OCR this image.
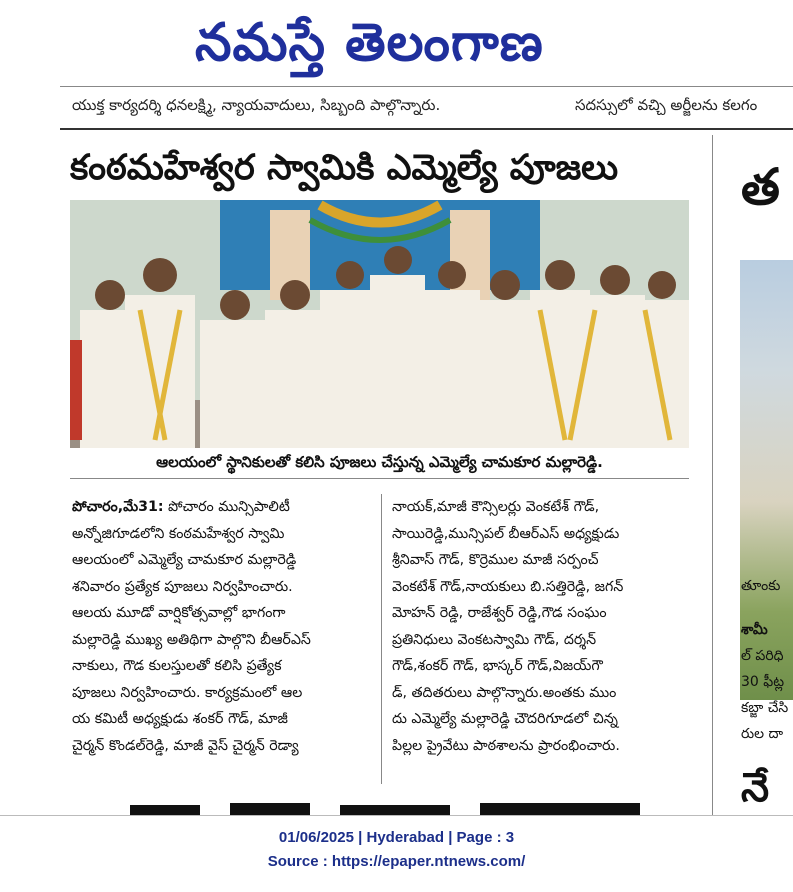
నమస్తే తెలంగాణ
యుక్త కార్యదర్శి ధనలక్ష్మి, న్యాయవాదులు, సిబ్బంది పాల్గొన్నారు.	సదస్సులో వచ్చి అర్జీలను కలగం
కంఠమహేశ్వర స్వామికి ఎమ్మెల్యే పూజలు
ఆలయంలో స్థానికులతో కలిసి పూజలు చేస్తున్న ఎమ్మెల్యే చామకూర మల్లారెడ్డి.
పోచారం,మే31: పోచారం మున్సిపాలిటీ
అన్నోజిగూడలోని కంఠమహేశ్వర స్వామి
ఆలయంలో ఎమ్మెల్యే చామకూర మల్లారెడ్డి
శనివారం ప్రత్యేక పూజలు నిర్వహించారు.
ఆలయ మూడో వార్షికోత్సవాల్లో భాగంగా
మల్లారెడ్డి ముఖ్య అతిథిగా పాల్గొని బీఆర్ఎస్
నాకులు, గౌడ కులస్తులతో కలిసి ప్రత్యేక
పూజలు నిర్వహించారు. కార్యక్రమంలో ఆల
య కమిటీ అధ్యక్షుడు శంకర్ గౌడ్, మాజీ
చైర్మన్ కొండల్‌రెడ్డి, మాజీ వైస్ చైర్మన్ రెడ్యా
నాయక్,మాజీ కౌన్సిలర్లు వెంకటేశ్ గౌడ్,
సాయిరెడ్డి,మున్సిపల్ బీఆర్ఎస్ అధ్యక్షుడు
శ్రీనివాస్ గౌడ్, కొర్రెముల మాజీ సర్పంచ్
వెంకటేశ్ గౌడ్,నాయకులు బి.సత్తిరెడ్డి, జగన్
మోహన్ రెడ్డి, రాజేశ్వర్ రెడ్డి,గౌడ సంఘం
ప్రతినిధులు వెంకటస్వామి గౌడ్, దర్శన్
గౌడ్,శంకర్ గౌడ్, భాస్కర్ గౌడ్,విజయ్‌గౌ
డ్, తదితరులు పాల్గొన్నారు.అంతకు ముం
దు ఎమ్మెల్యే మల్లారెడ్డి చౌదరిగూడలో చిన్న
పిల్లల ప్రైవేటు పాఠశాలను ప్రారంభించారు.
త
తూంకు
శామీ
ల్ పరిధి
30 ఫీట్ల
కబ్జా చేసి
రుల దా
నే
01/06/2025 | Hyderabad | Page : 3
Source : https://epaper.ntnews.com/
